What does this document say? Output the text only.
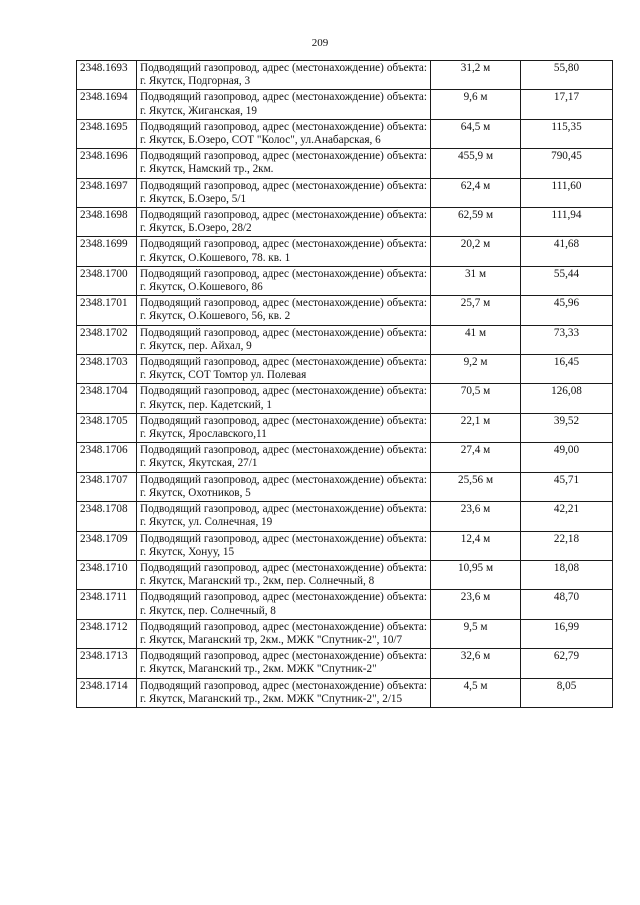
209
2348.1693	Подводящий газопровод, адрес (местонахождение) объекта: г. Якутск, Подгорная, 3	31,2 м	55,80
2348.1694	Подводящий газопровод, адрес (местонахождение) объекта: г. Якутск, Жиганская, 19	9,6 м	17,17
2348.1695	Подводящий газопровод, адрес (местонахождение) объекта: г. Якутск, Б.Озеро, СОТ "Колос", ул.Анабарская, 6	64,5 м	115,35
2348.1696	Подводящий газопровод, адрес (местонахождение) объекта: г. Якутск, Намский тр., 2км.	455,9 м	790,45
2348.1697	Подводящий газопровод, адрес (местонахождение) объекта: г. Якутск, Б.Озеро, 5/1	62,4 м	111,60
2348.1698	Подводящий газопровод, адрес (местонахождение) объекта: г. Якутск, Б.Озеро, 28/2	62,59 м	111,94
2348.1699	Подводящий газопровод, адрес (местонахождение) объекта: г. Якутск, О.Кошевого, 78. кв. 1	20,2 м	41,68
2348.1700	Подводящий газопровод, адрес (местонахождение) объекта: г. Якутск, О.Кошевого, 86	31 м	55,44
2348.1701	Подводящий газопровод, адрес (местонахождение) объекта: г. Якутск, О.Кошевого, 56, кв. 2	25,7 м	45,96
2348.1702	Подводящий газопровод, адрес (местонахождение) объекта: г. Якутск, пер. Айхал, 9	41 м	73,33
2348.1703	Подводящий газопровод, адрес (местонахождение) объекта: г. Якутск, СОТ Томтор ул. Полевая	9,2 м	16,45
2348.1704	Подводящий газопровод, адрес (местонахождение) объекта: г. Якутск, пер. Кадетский, 1	70,5 м	126,08
2348.1705	Подводящий газопровод, адрес (местонахождение) объекта: г. Якутск, Ярославского,11	22,1 м	39,52
2348.1706	Подводящий газопровод, адрес (местонахождение) объекта: г. Якутск, Якутская, 27/1	27,4 м	49,00
2348.1707	Подводящий газопровод, адрес (местонахождение) объекта: г. Якутск, Охотников, 5	25,56 м	45,71
2348.1708	Подводящий газопровод, адрес (местонахождение) объекта: г. Якутск, ул. Солнечная, 19	23,6 м	42,21
2348.1709	Подводящий газопровод, адрес (местонахождение) объекта: г. Якутск, Хонуу, 15	12,4 м	22,18
2348.1710	Подводящий газопровод, адрес (местонахождение) объекта: г. Якутск, Маганский тр., 2км, пер. Солнечный, 8	10,95 м	18,08
2348.1711	Подводящий газопровод, адрес (местонахождение) объекта: г. Якутск, пер. Солнечный, 8	23,6 м	48,70
2348.1712	Подводящий газопровод, адрес (местонахождение) объекта: г. Якутск, Маганский тр, 2км., МЖК "Спутник-2", 10/7	9,5 м	16,99
2348.1713	Подводящий газопровод, адрес (местонахождение) объекта: г. Якутск, Маганский тр., 2км. МЖК "Спутник-2"	32,6 м	62,79
2348.1714	Подводящий газопровод, адрес (местонахождение) объекта: г. Якутск, Маганский тр., 2км. МЖК "Спутник-2", 2/15	4,5 м	8,05
